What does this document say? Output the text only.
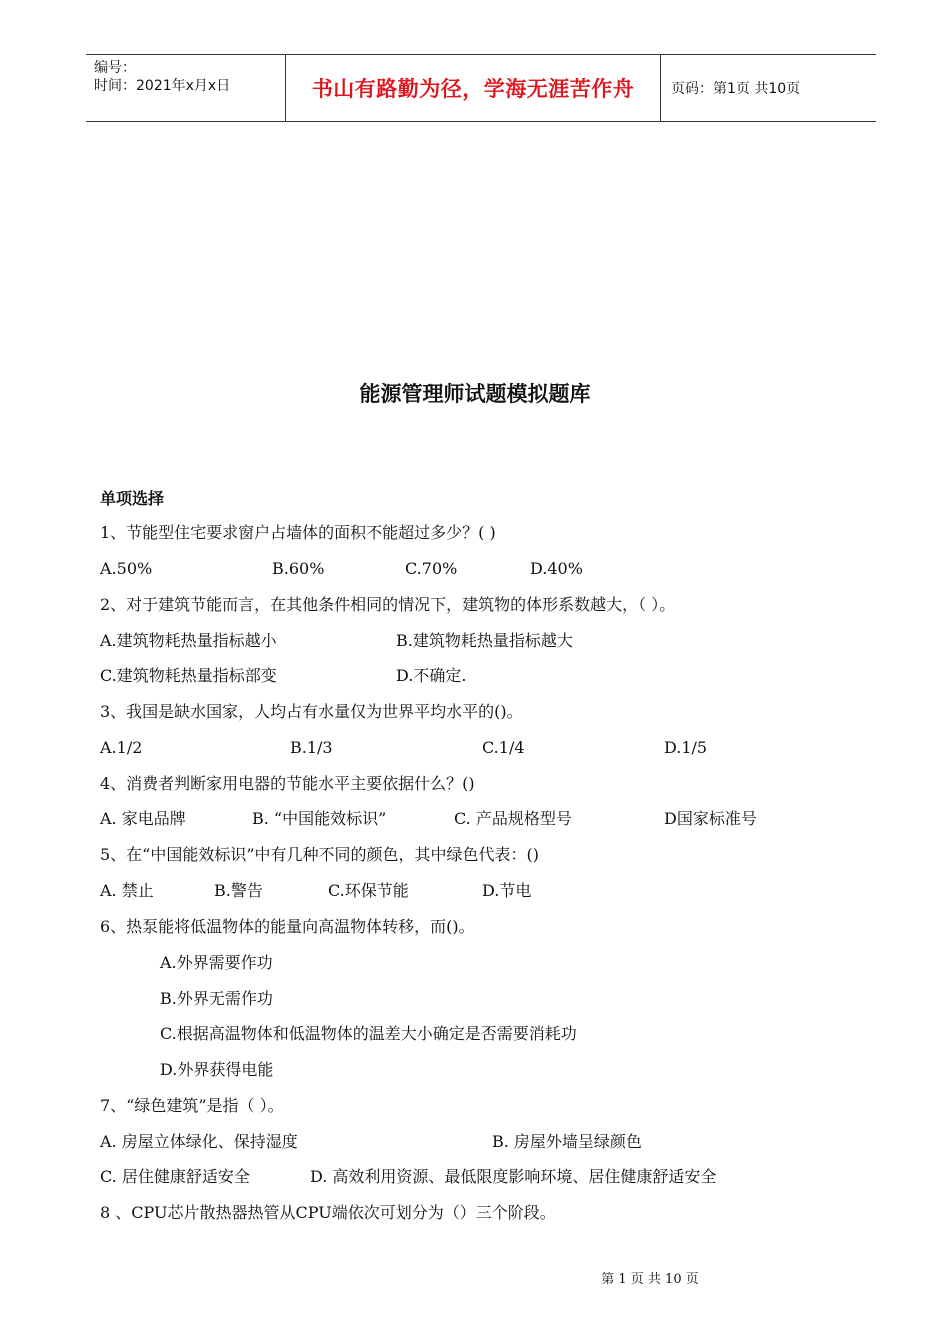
编号：
时间：2021年x月x日	书山有路勤为径，学海无涯苦作舟	页码：第1页 共10页
能源管理师试题模拟题库
单项选择
1、节能型住宅要求窗户占墙体的面积不能超过多少？( )
A.50%	B.60%	C.70%	D.40%
2、对于建筑节能而言，在其他条件相同的情况下，建筑物的体形系数越大，（ ）。
A.建筑物耗热量指标越小	B.建筑物耗热量指标越大
C.建筑物耗热量指标部变	D.不确定.
3、我国是缺水国家，人均占有水量仅为世界平均水平的()。
A.1/2	B.1/3	C.1/4	D.1/5
4、消费者判断家用电器的节能水平主要依据什么？()
A. 家电品牌	B. “中国能效标识”	C. 产品规格型号	D国家标准号
5、在“中国能效标识”中有几种不同的颜色，其中绿色代表：()
A. 禁止	B.警告	C.环保节能	D.节电
6、热泵能将低温物体的能量向高温物体转移，而()。
A.外界需要作功
B.外界无需作功
C.根据高温物体和低温物体的温差大小确定是否需要消耗功
D.外界获得电能
7、“绿色建筑”是指（ ）。
A. 房屋立体绿化、保持湿度	B. 房屋外墙呈绿颜色
C. 居住健康舒适安全	D. 高效利用资源、最低限度影响环境、居住健康舒适安全
8 、CPU芯片散热器热管从CPU端依次可划分为（）三个阶段。
第 1 页 共 10 页
